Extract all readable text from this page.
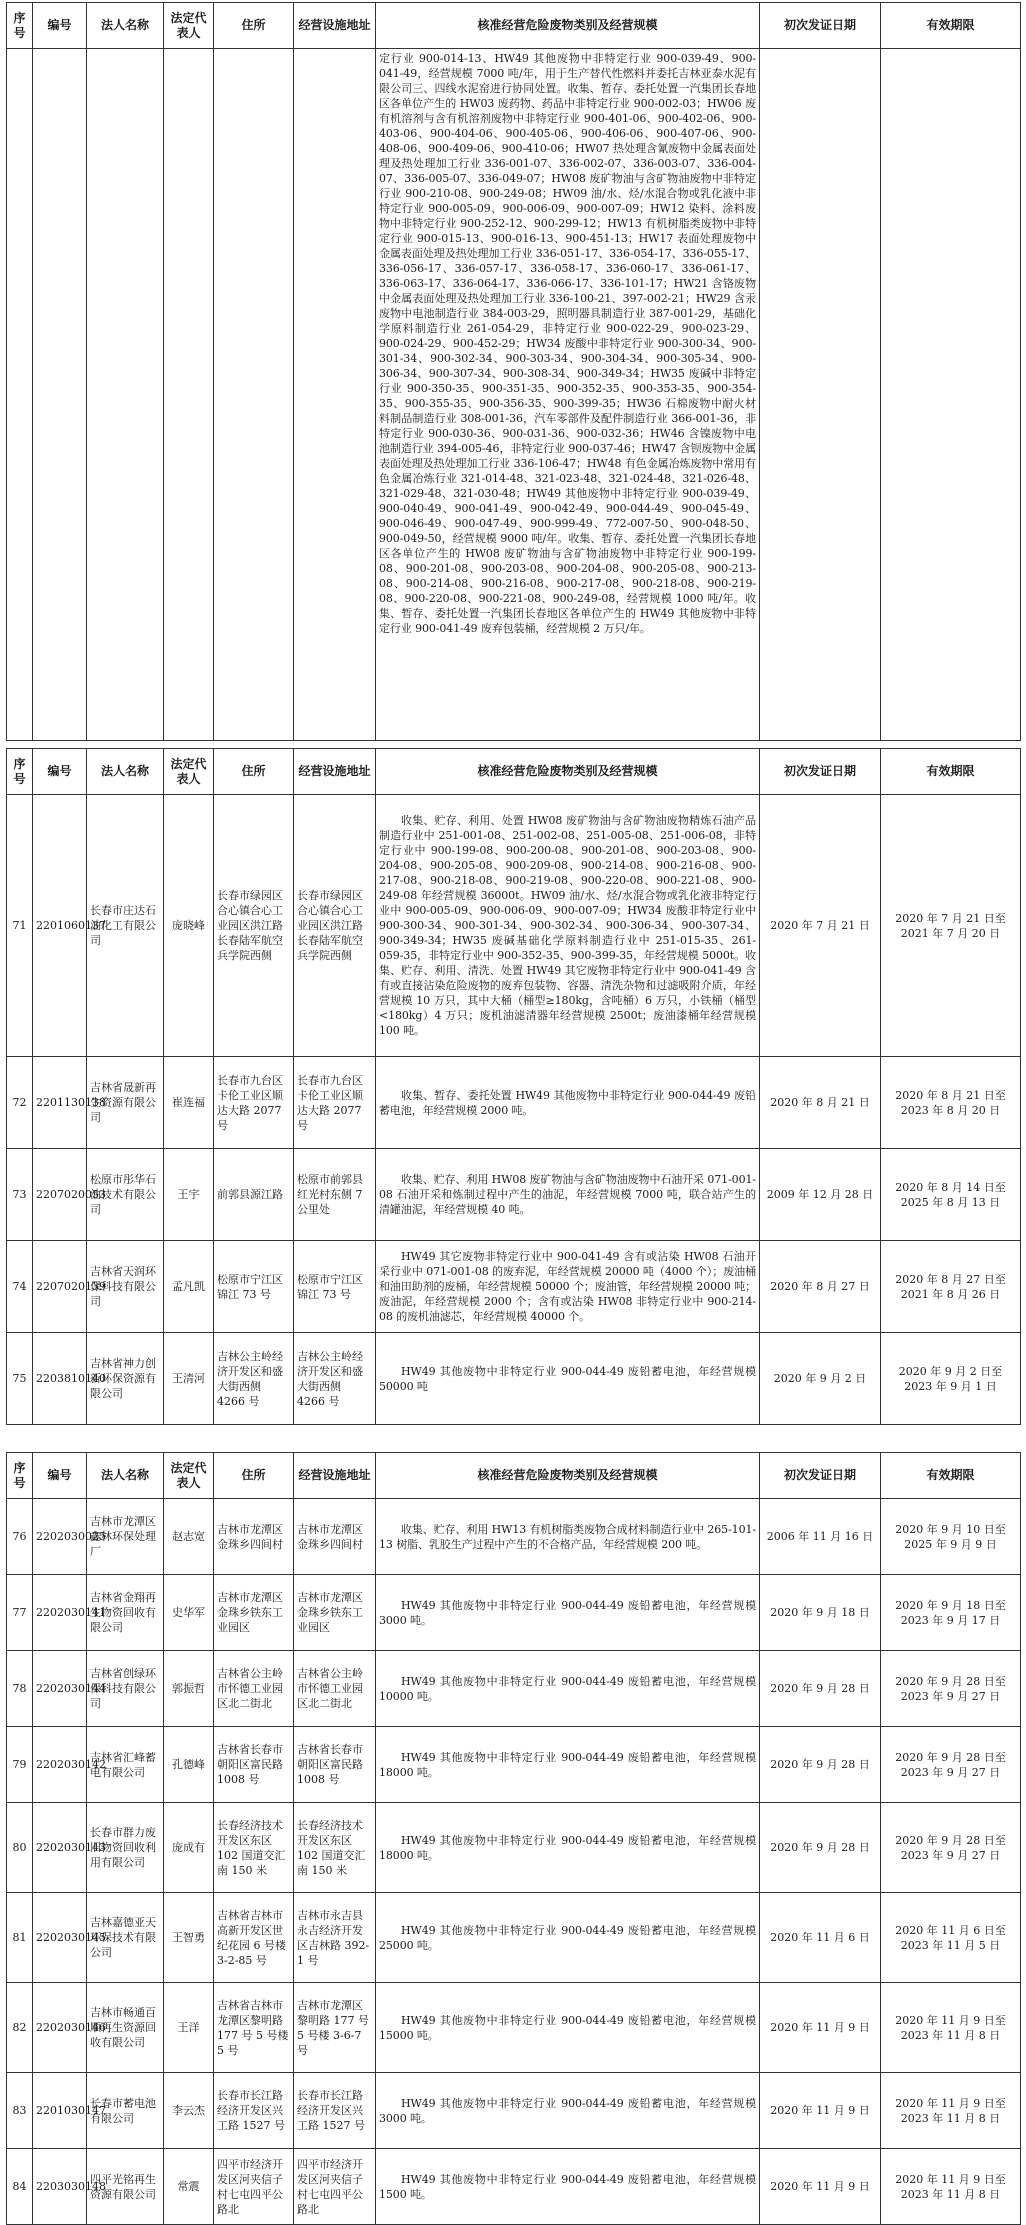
序号	编号	法人名称	法定代表人	住所	经营设施地址	核准经营危险废物类别及经营规模	初次发证日期	有效期限
						定行业 900-014-13、HW49 其他废物中非特定行业 900-039-49、900-041-49，经营规模 7000 吨/年，用于生产替代性燃料并委托吉林亚泰水泥有限公司三、四线水泥窑进行协同处置。收集、暂存、委托处置一汽集团长春地区各单位产生的 HW03 废药物、药品中非特定行业 900-002-03；HW06 废有机溶剂与含有机溶剂废物中非特定行业 900-401-06、900-402-06、900-403-06、900-404-06、900-405-06、900-406-06、900-407-06、900-408-06、900-409-06、900-410-06；HW07 热处理含氰废物中金属表面处理及热处理加工行业 336-001-07、336-002-07、336-003-07、336-004-07、336-005-07、336-049-07；HW08 废矿物油与含矿物油废物中非特定行业 900-210-08、900-249-08；HW09 油/水、烃/水混合物或乳化液中非特定行业 900-005-09、900-006-09、900-007-09；HW12 染料、涂料废物中非特定行业 900-252-12、900-299-12；HW13 有机树脂类废物中非特定行业 900-015-13、900-016-13、900-451-13；HW17 表面处理废物中金属表面处理及热处理加工行业 336-051-17、336-054-17、336-055-17、336-056-17、336-057-17、336-058-17、336-060-17、336-061-17、336-063-17、336-064-17、336-066-17、336-101-17；HW21 含铬废物中金属表面处理及热处理加工行业 336-100-21、397-002-21；HW29 含汞废物中电池制造行业 384-003-29，照明器具制造行业 387-001-29，基础化学原料制造行业 261-054-29，非特定行业 900-022-29、900-023-29、900-024-29、900-452-29；HW34 废酸中非特定行业 900-300-34、900-301-34、900-302-34、900-303-34、900-304-34、900-305-34、900-306-34、900-307-34、900-308-34、900-349-34；HW35 废碱中非特定行业 900-350-35、900-351-35、900-352-35、900-353-35、900-354-35、900-355-35、900-356-35、900-399-35；HW36 石棉废物中耐火材料制品制造行业 308-001-36，汽车零部件及配件制造行业 366-001-36，非特定行业 900-030-36、900-031-36、900-032-36；HW46 含镍废物中电池制造行业 394-005-46，非特定行业 900-037-46；HW47 含钡废物中金属表面处理及热处理加工行业 336-106-47；HW48 有色金属冶炼废物中常用有色金属冶炼行业 321-014-48、321-023-48、321-024-48、321-026-48、321-029-48、321-030-48；HW49 其他废物中非特定行业 900-039-49、900-040-49、900-041-49、900-042-49、900-044-49、900-045-49、900-046-49、900-047-49、900-999-49、772-007-50、900-048-50、900-049-50，经营规模 9000 吨/年。收集、暂存、委托处置一汽集团长春地区各单位产生的 HW08 废矿物油与含矿物油废物中非特定行业 900-199-08、900-201-08、900-203-08、900-204-08、900-205-08、900-213-08、900-214-08、900-216-08、900-217-08、900-218-08、900-219-08、900-220-08、900-221-08、900-249-08，经营规模 1000 吨/年。收集、暂存、委托处置一汽集团长春地区各单位产生的 HW49 其他废物中非特定行业 900-041-49 废弃包装桶，经营规模 2 万只/年。		
序号	编号	法人名称	法定代表人	住所	经营设施地址	核准经营危险废物类别及经营规模	初次发证日期	有效期限
71	2201060137	长春市庄达石油化工有限公司	庞晓峰	长春市绿园区合心镇合心工业园区洪江路长春陆军航空兵学院西侧	长春市绿园区合心镇合心工业园区洪江路长春陆军航空兵学院西侧	收集、贮存、利用、处置 HW08 废矿物油与含矿物油废物精炼石油产品制造行业中 251-001-08、251-002-08、251-005-08、251-006-08，非特定行业中 900-199-08、900-200-08、900-201-08、900-203-08、900-204-08、900-205-08、900-209-08、900-214-08、900-216-08、900-217-08、900-218-08、900-219-08、900-220-08、900-221-08、900-249-08 年经营规模 36000t。HW09 油/水、烃/水混合物或乳化液非特定行业中 900-005-09、900-006-09、900-007-09；HW34 废酸非特定行业中 900-300-34、900-301-34、900-302-34、900-306-34、900-307-34、900-349-34；HW35 废碱基础化学原料制造行业中 251-015-35、261-059-35，非特定行业中 900-352-35、900-399-35，年经营规模 5000t。收集、贮存、利用、清洗、处置 HW49 其它废物非特定行业中 900-041-49 含有或直接沾染危险废物的废弃包装物、容器、清洗杂物和过滤吸附介质，年经营规模 10 万只，其中大桶（桶型≥180kg，含吨桶）6 万只，小铁桶（桶型<180kg）4 万只；废机油滤清器年经营规模 2500t；废油漆桶年经营规模 100 吨。	2020 年 7 月 21 日	2020 年 7 月 21 日至 2021 年 7 月 20 日
72	2201130138	吉林省晟新再生资源有限公司	崔连福	长春市九台区卡伦工业区顺达大路 2077 号	长春市九台区卡伦工业区顺达大路 2077 号	收集、暂存、委托处置 HW49 其他废物中非特定行业 900-044-49 废铅蓄电池，年经营规模 2000 吨。	2020 年 8 月 21 日	2020 年 8 月 21 日至 2023 年 8 月 20 日
73	2207020053	松原市彤华石油技术有限公司	王宇	前郭县源江路	松原市前郭县红光村东侧 7 公里处	收集、贮存、利用 HW08 废矿物油与含矿物油废物中石油开采 071-001-08 石油开采和炼制过程中产生的油泥，年经营规模 7000 吨，联合站产生的清罐油泥，年经营规模 40 吨。	2009 年 12 月 28 日	2020 年 8 月 14 日至 2025 年 8 月 13 日
74	2207020139	吉林省天润环保科技有限公司	孟凡凯	松原市宁江区锦江 73 号	松原市宁江区锦江 73 号	HW49 其它废物非特定行业中 900-041-49 含有或沾染 HW08 石油开采行业中 071-001-08 的废弃泥，年经营规模 20000 吨（4000 个）；废油桶和油田助剂的废桶，年经营规模 50000 个；废油管，年经营规模 20000 吨；废油泥，年经营规模 2000 个；含有或沾染 HW08 非特定行业中 900-214-08 的废机油滤芯，年经营规模 40000 个。	2020 年 8 月 27 日	2020 年 8 月 27 日至 2021 年 8 月 26 日
75	2203810140	吉林省神力创新环保资源有限公司	王清河	吉林公主岭经济开发区和盛大街西侧 4266 号	吉林公主岭经济开发区和盛大街西侧 4266 号	HW49 其他废物中非特定行业 900-044-49 废铅蓄电池，年经营规模 50000 吨	2020 年 9 月 2 日	2020 年 9 月 2 日至 2023 年 9 月 1 日
序号	编号	法人名称	法定代表人	住所	经营设施地址	核准经营危险废物类别及经营规模	初次发证日期	有效期限
76	2202030025	吉林市龙潭区鑫林环保处理厂	赵志宽	吉林市龙潭区金珠乡四间村	吉林市龙潭区金珠乡四间村	收集、贮存、利用 HW13 有机树脂类废物合成材料制造行业中 265-101-13 树脂、乳胶生产过程中产生的不合格产品，年经营规模 200 吨。	2006 年 11 月 16 日	2020 年 9 月 10 日至 2025 年 9 月 9 日
77	2202030141	吉林省金翔再生物资回收有限公司	史华军	吉林市龙潭区金珠乡铁东工业园区	吉林市龙潭区金珠乡铁东工业园区	HW49 其他废物中非特定行业 900-044-49 废铅蓄电池，年经营规模 3000 吨。	2020 年 9 月 18 日	2020 年 9 月 18 日至 2023 年 9 月 17 日
78	2202030144	吉林省创绿环保科技有限公司	郭振哲	吉林省公主岭市怀德工业园区北二街北	吉林省公主岭市怀德工业园区北二街北	HW49 其他废物中非特定行业 900-044-49 废铅蓄电池，年经营规模 10000 吨。	2020 年 9 月 28 日	2020 年 9 月 28 日至 2023 年 9 月 27 日
79	2202030142	吉林省汇峰蓄电有限公司	孔德峰	吉林省长春市朝阳区富民路 1008 号	吉林省长春市朝阳区富民路 1008 号	HW49 其他废物中非特定行业 900-044-49 废铅蓄电池，年经营规模 18000 吨。	2020 年 9 月 28 日	2020 年 9 月 28 日至 2023 年 9 月 27 日
80	2202030143	长春市群力废旧物资回收利用有限公司	庞成有	长春经济技术开发区东区 102 国道交汇南 150 米	长春经济技术开发区东区 102 国道交汇南 150 米	HW49 其他废物中非特定行业 900-044-49 废铅蓄电池，年经营规模 18000 吨。	2020 年 9 月 28 日	2020 年 9 月 28 日至 2023 年 9 月 27 日
81	2202030145	吉林嘉德亚天环保技术有限公司	王智勇	吉林省吉林市高新开发区世纪花园 6 号楼 3-2-85 号	吉林市永吉县永吉经济开发区吉林路 392-1 号	HW49 其他废物中非特定行业 900-044-49 废铅蓄电池，年经营规模 25000 吨。	2020 年 11 月 6 日	2020 年 11 月 6 日至 2023 年 11 月 5 日
82	2202030146	吉林市畅通百顺再生资源回收有限公司	王洋	吉林省吉林市龙潭区黎明路 177 号 5 号楼 5 号	吉林市龙潭区黎明路 177 号 5 号楼 3-6-7 号	HW49 其他废物中非特定行业 900-044-49 废铅蓄电池，年经营规模 15000 吨。	2020 年 11 月 9 日	2020 年 11 月 9 日至 2023 年 11 月 8 日
83	2201030147	长春市蓄电池有限公司	李云杰	长春市长江路经济开发区兴工路 1527 号	长春市长江路经济开发区兴工路 1527 号	HW49 其他废物中非特定行业 900-044-49 废铅蓄电池，年经营规模 3000 吨。	2020 年 11 月 9 日	2020 年 11 月 9 日至 2023 年 11 月 8 日
84	2203030148	四平光铭再生资源有限公司	常震	四平市经济开发区河夹信子村七屯四平公路北	四平市经济开发区河夹信子村七屯四平公路北	HW49 其他废物中非特定行业 900-044-49 废铅蓄电池，年经营规模 1500 吨。	2020 年 11 月 9 日	2020 年 11 月 9 日至 2023 年 11 月 8 日
